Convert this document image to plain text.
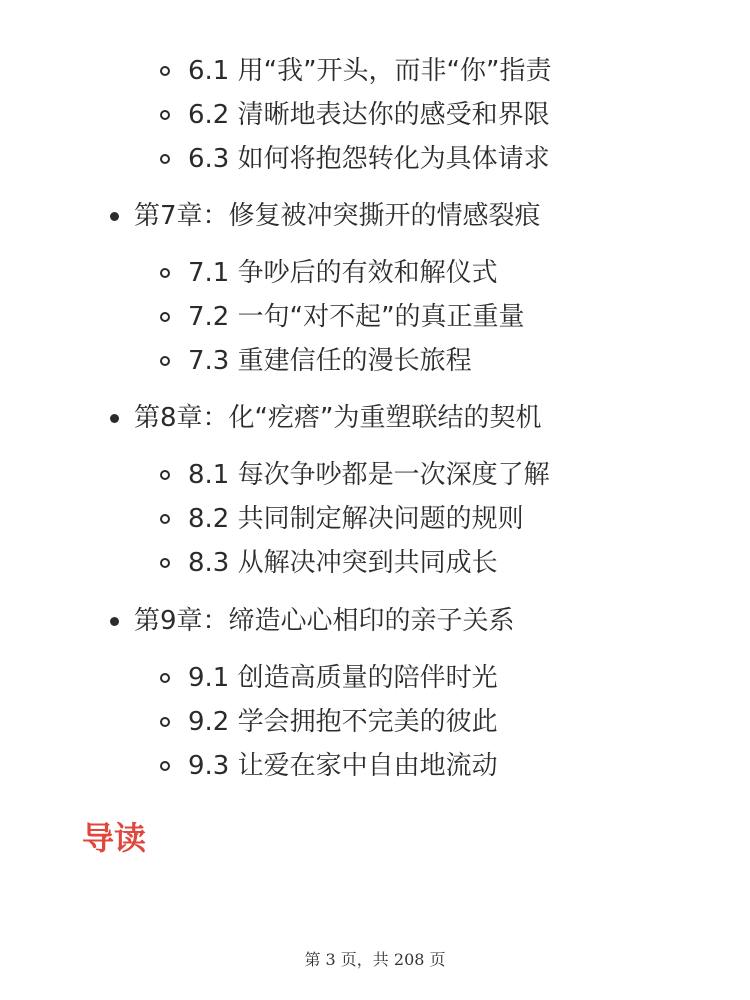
6.1 用“我”开头，而非“你”指责
6.2 清晰地表达你的感受和界限
6.3 如何将抱怨转化为具体请求
第7章：修复被冲突撕开的情感裂痕
7.1 争吵后的有效和解仪式
7.2 一句“对不起”的真正重量
7.3 重建信任的漫长旅程
第8章：化“疙瘩”为重塑联结的契机
8.1 每次争吵都是一次深度了解
8.2 共同制定解决问题的规则
8.3 从解决冲突到共同成长
第9章：缔造心心相印的亲子关系
9.1 创造高质量的陪伴时光
9.2 学会拥抱不完美的彼此
9.3 让爱在家中自由地流动
导读
第 3 页，共 208 页
